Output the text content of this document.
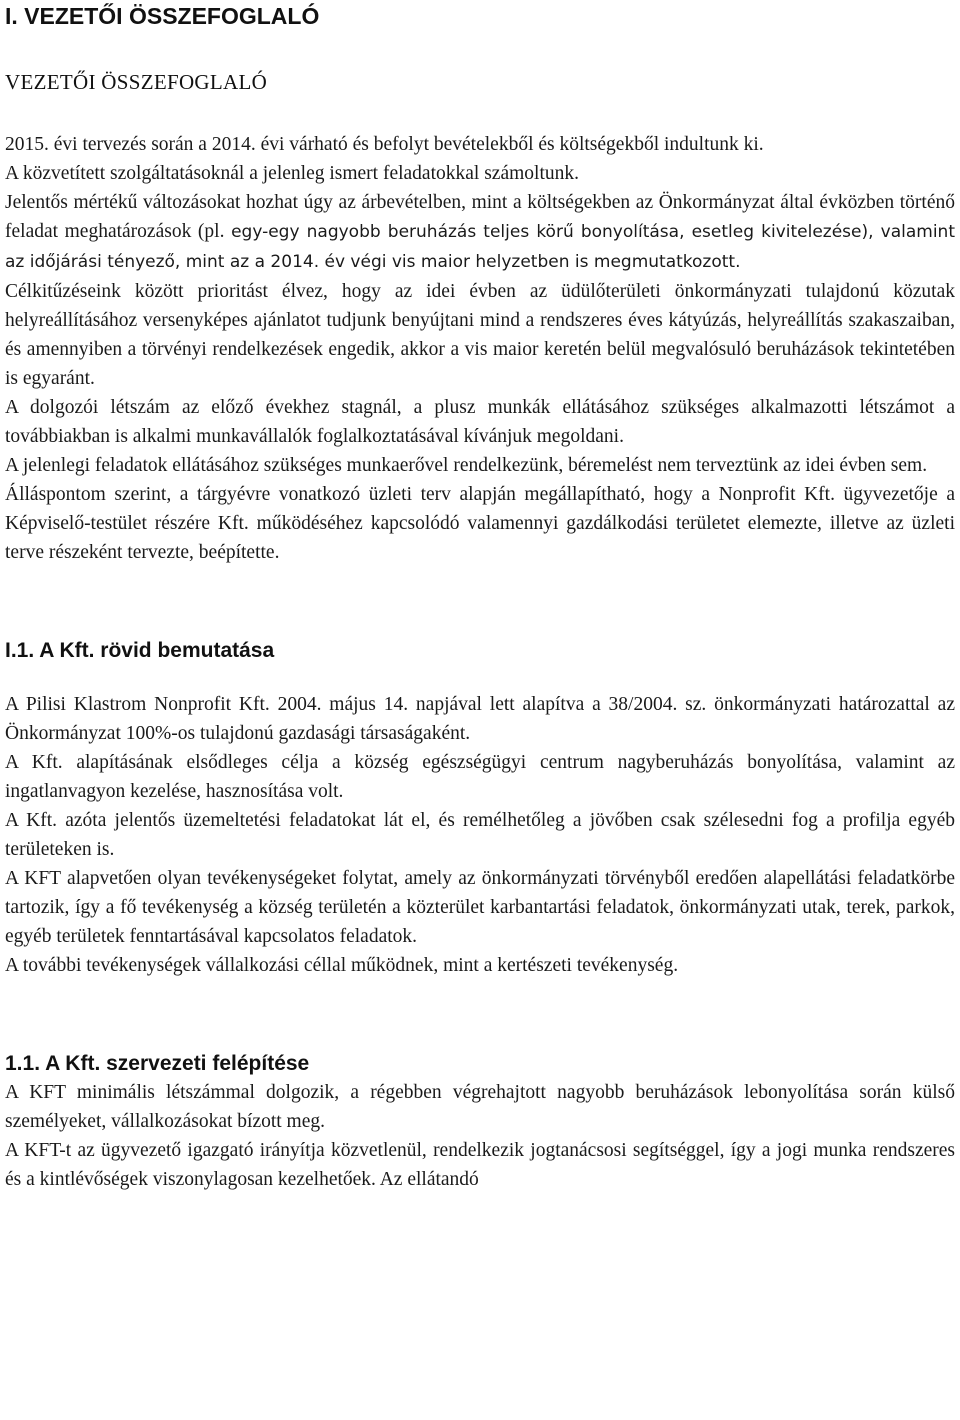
I. VEZETŐI ÖSSZEFOGLALÓ
VEZETŐI ÖSSZEFOGLALÓ

2015. évi tervezés során a 2014. évi várható és befolyt bevételekből és költségekből indultunk ki.

A közvetített szolgáltatásoknál a jelenleg ismert feladatokkal számoltunk.

Jelentős mértékű változásokat hozhat úgy az árbevételben, mint a költségekben az Önkormányzat által évközben történő feladat meghatározások (pl. egy-egy nagyobb beruházás teljes körű bonyolítása, esetleg kivitelezése), valamint az időjárási tényező, mint az a 2014. év végi vis maior helyzetben is megmutatkozott.

Célkitűzéseink között prioritást élvez, hogy az idei évben az üdülőterületi önkormányzati tulajdonú közutak helyreállításához versenyképes ajánlatot tudjunk benyújtani mind a rendszeres éves kátyúzás, helyreállítás szakaszaiban, és amennyiben a törvényi rendelkezések engedik, akkor a vis maior keretén belül megvalósuló beruházások tekintetében is egyaránt.

A dolgozói létszám az előző évekhez stagnál, a plusz munkák ellátásához szükséges alkalmazotti létszámot a továbbiakban is alkalmi munkavállalók foglalkoztatásával kívánjuk megoldani.

A jelenlegi feladatok ellátásához szükséges munkaerővel rendelkezünk, béremelést nem terveztünk az idei évben sem.

Álláspontom szerint, a tárgyévre vonatkozó üzleti terv alapján megállapítható, hogy a Nonprofit Kft. ügyvezetője a Képviselő-testület részére Kft. működéséhez kapcsolódó valamennyi gazdálkodási területet elemezte, illetve az üzleti terve részeként tervezte, beépítette.

I.1. A Kft. rövid bemutatása

A Pilisi Klastrom Nonprofit Kft. 2004. május 14. napjával lett alapítva a 38/2004. sz. önkormányzati határozattal az Önkormányzat 100%-os tulajdonú gazdasági társaságaként.

A Kft. alapításának elsődleges célja a község egészségügyi centrum nagyberuházás bonyolítása, valamint az ingatlanvagyon kezelése, hasznosítása volt.

A Kft. azóta jelentős üzemeltetési feladatokat lát el, és remélhetőleg a jövőben csak szélesedni fog a profilja egyéb területeken is.

A KFT alapvetően olyan tevékenységeket folytat, amely az önkormányzati törvényből eredően alapellátási feladatkörbe tartozik, így a fő tevékenység a község területén a közterület karbantartási feladatok, önkormányzati utak, terek, parkok, egyéb területek fenntartásával kapcsolatos feladatok.

A további tevékenységek vállalkozási céllal működnek, mint a kertészeti tevékenység.

1.1. A Kft. szervezeti felépítése

A KFT minimális létszámmal dolgozik, a régebben végrehajtott nagyobb beruházások lebonyolítása során külső személyeket, vállalkozásokat bízott meg.

A KFT-t az ügyvezető igazgató irányítja közvetlenül, rendelkezik jogtanácsosi segítséggel, így a jogi munka rendszeres és a kintlévőségek viszonylagosan kezelhetőek. Az ellátandó
